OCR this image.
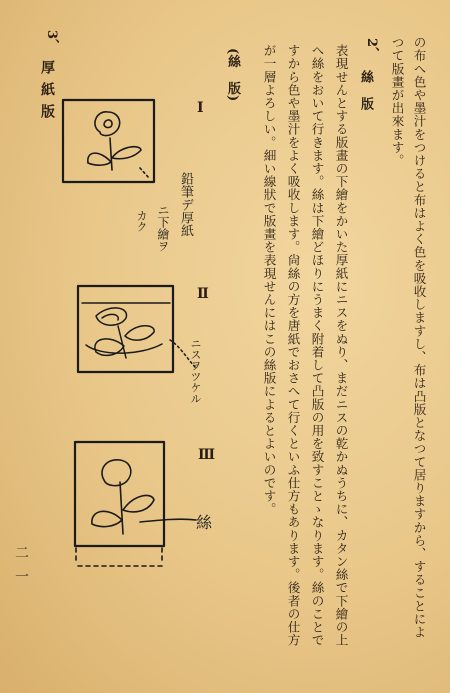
2、
絲　版	の布へ色や墨汁をつけると布はよく色を吸收しますし、布は凸版となつて居りますから、することによ
つて版畫が出來ます。
表現せんとする版畫の下繪をかいた厚紙にニスをぬり、まだニスの乾かぬうちに、カタン絲で下繪の上
へ絲をおいて行きます。絲は下繪どほりにうまく附着して凸版の用を致すことゝなります。絲のことで
すから色や墨汁をよく吸收します。尙絲の方を唐紙でおさへて行くといふ仕方もあります。後者の仕方
が一層よろしい。細い線狀で版畫を表現せんにはこの絲版によるとよいのです。
(絲　版)
3、
厚紙版	Ⅰ
Ⅱ
Ⅲ
鉛筆デ厚紙
ニ下繪ヲ
カク
ニスヲツケル
絲
二一
